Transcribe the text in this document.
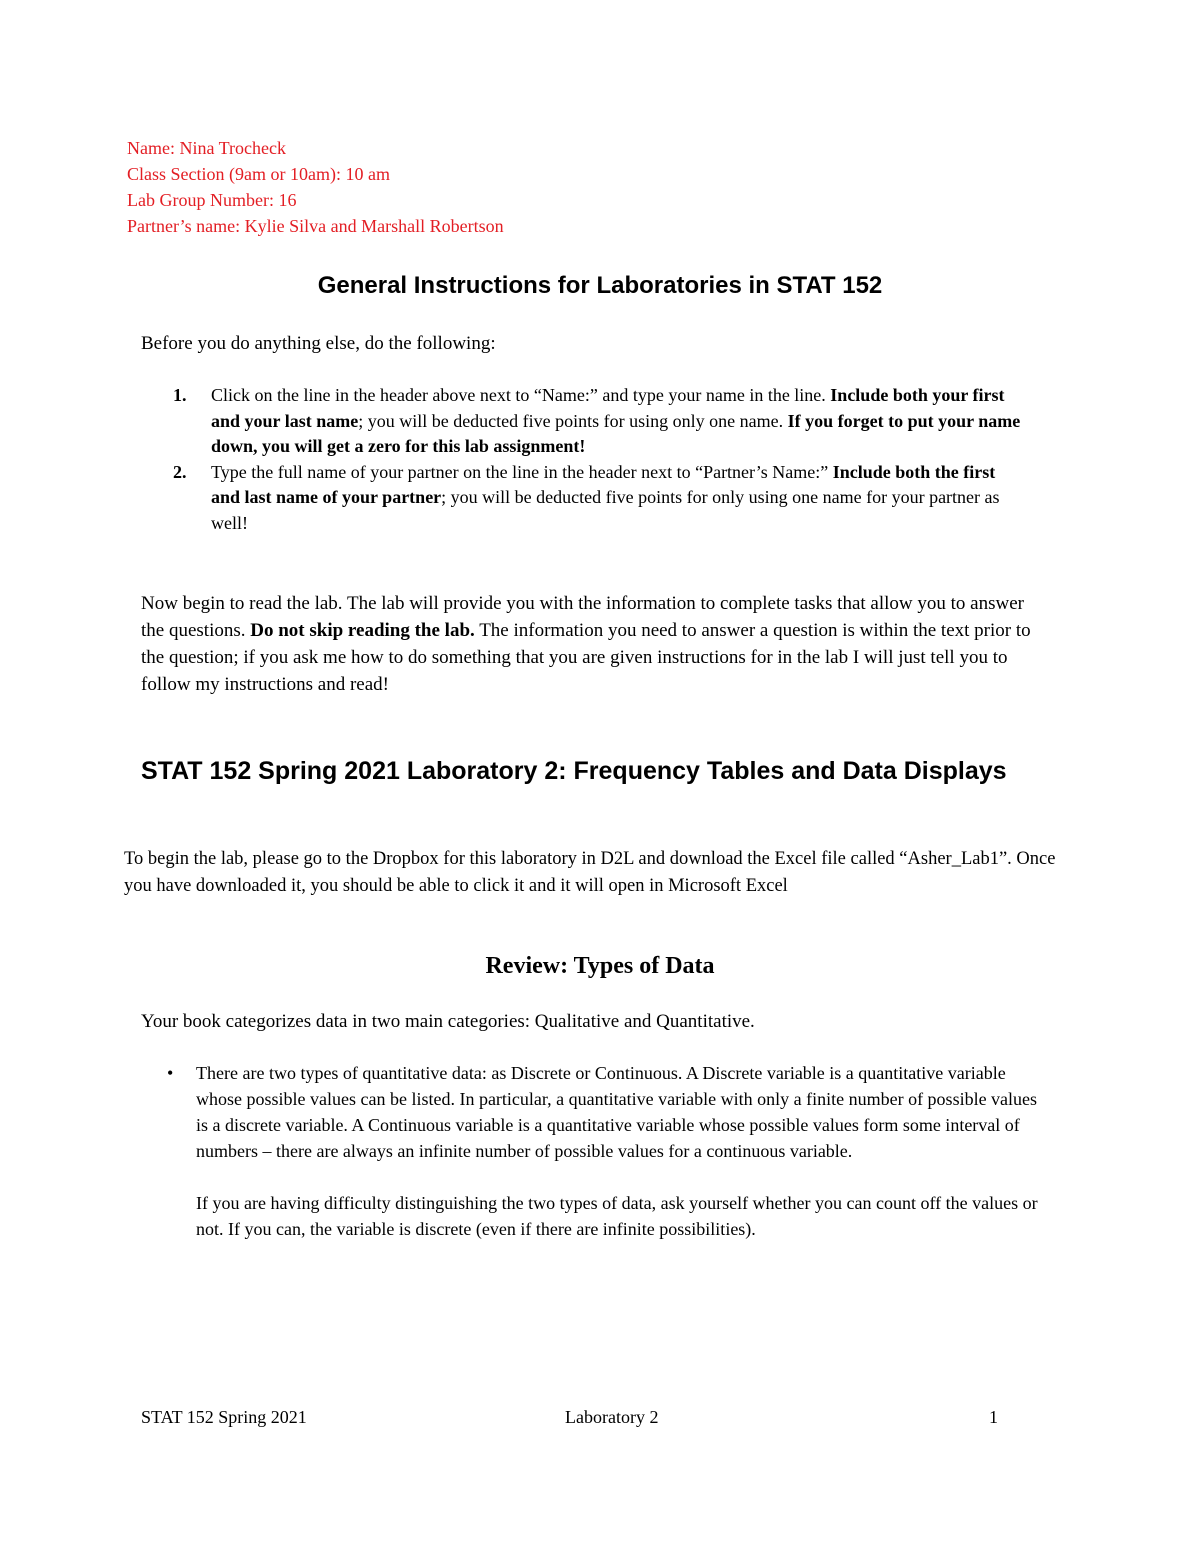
Name: Nina Trocheck
Class Section (9am or 10am): 10 am
Lab Group Number: 16
Partner’s name: Kylie Silva and Marshall Robertson
General Instructions for Laboratories in STAT 152
Before you do anything else, do the following:
1. Click on the line in the header above next to “Name:” and type your name in the line. Include both your first and your last name; you will be deducted five points for using only one name. If you forget to put your name down, you will get a zero for this lab assignment!
2. Type the full name of your partner on the line in the header next to “Partner’s Name:” Include both the first and last name of your partner; you will be deducted five points for only using one name for your partner as well!
Now begin to read the lab. The lab will provide you with the information to complete tasks that allow you to answer the questions. Do not skip reading the lab. The information you need to answer a question is within the text prior to the question; if you ask me how to do something that you are given instructions for in the lab I will just tell you to follow my instructions and read!
STAT 152 Spring 2021 Laboratory 2: Frequency Tables and Data Displays
To begin the lab, please go to the Dropbox for this laboratory in D2L and download the Excel file called “Asher_Lab1”. Once you have downloaded it, you should be able to click it and it will open in Microsoft Excel
Review: Types of Data
Your book categorizes data in two main categories: Qualitative and Quantitative.
• There are two types of quantitative data: as Discrete or Continuous. A Discrete variable is a quantitative variable whose possible values can be listed. In particular, a quantitative variable with only a finite number of possible values is a discrete variable. A Continuous variable is a quantitative variable whose possible values form some interval of numbers – there are always an infinite number of possible values for a continuous variable.

If you are having difficulty distinguishing the two types of data, ask yourself whether you can count off the values or not. If you can, the variable is discrete (even if there are infinite possibilities).

STAT 152 Spring 2021	Laboratory 2	1
